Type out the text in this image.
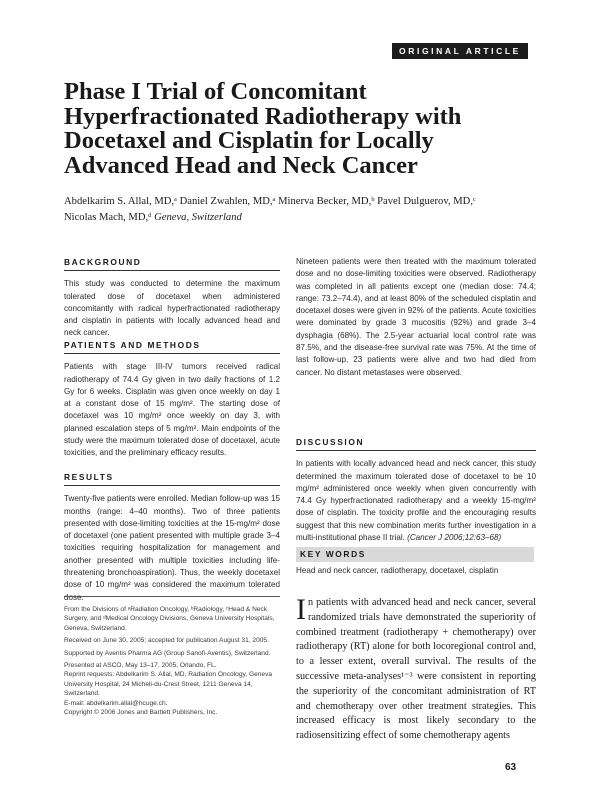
ORIGINAL ARTICLE
Phase I Trial of Concomitant
Hyperfractionated Radiotherapy with
Docetaxel and Cisplatin for Locally
Advanced Head and Neck Cancer
Abdelkarim S. Allal, MD,ᵃ Daniel Zwahlen, MD,ᵃ Minerva Becker, MD,ᵇ Pavel Dulguerov, MD,ᶜ
Nicolas Mach, MD,ᵈ Geneva, Switzerland
BACKGROUND

This study was conducted to determine the maximum tolerated dose of docetaxel when administered concomitantly with radical hyperfractionated radiotherapy and cisplatin in patients with locally advanced head and neck cancer.

PATIENTS AND METHODS

Patients with stage III-IV tumors received radical radiotherapy of 74.4 Gy given in two daily fractions of 1.2 Gy for 6 weeks. Cisplatin was given once weekly on day 1 at a constant dose of 15 mg/m². The starting dose of docetaxel was 10 mg/m² once weekly on day 3, with planned escalation steps of 5 mg/m². Main endpoints of the study were the maximum tolerated dose of docetaxel, acute toxicities, and the preliminary efficacy results.

RESULTS

Twenty-five patients were enrolled. Median follow-up was 15 months (range: 4–40 months). Two of three patients presented with dose-limiting toxicities at the 15-mg/m² dose of docetaxel (one patient presented with multiple grade 3–4 toxicities requiring hospitalization for management and another presented with multiple toxicities including life-threatening bronchoaspiration). Thus, the weekly docetaxel dose of 10 mg/m² was considered the maximum tolerated dose.

Nineteen patients were then treated with the maximum tolerated dose and no dose-limiting toxicities were observed. Radiotherapy was completed in all patients except one (median dose: 74.4; range: 73.2–74.4), and at least 80% of the scheduled cisplatin and docetaxel doses were given in 92% of the patients. Acute toxicities were dominated by grade 3 mucositis (92%) and grade 3–4 dysphagia (68%). The 2.5-year actuarial local control rate was 87.5%, and the disease-free survival rate was 75%. At the time of last follow-up, 23 patients were alive and two had died from cancer. No distant metastases were observed.

DISCUSSION

In patients with locally advanced head and neck cancer, this study determined the maximum tolerated dose of docetaxel to be 10 mg/m² administered once weekly when given concurrently with 74.4 Gy hyperfractionated radiotherapy and a weekly 15-mg/m² dose of cisplatin. The toxicity profile and the encouraging results suggest that this new combination merits further investigation in a multi-institutional phase II trial. (Cancer J 2006;12:63–68)

KEY WORDS
Head and neck cancer, radiotherapy, docetaxel, cisplatin

From the Divisions of ᵃRadiation Oncology, ᵇRadiology, ᶜHead & Neck Surgery, and ᵈMedical Oncology Divisions, Geneva University Hospitals, Geneva, Switzerland.

Received on June 30, 2005; accepted for publication August 31, 2005.

Supported by Aventis Pharma AG (Group Sanofi-Aventis), Switzerland.

Presented at ASCO, May 13–17, 2005, Orlando, FL.

Reprint requests: Abdelkarim S. Allal, MD, Radiation Oncology, Geneva University Hospital, 24 Micheli-du-Crest Street, 1211 Geneva 14, Switzerland.

E-mail: abdelkarim.allal@hcuge.ch.

Copyright © 2006 Jones and Bartlett Publishers, Inc.

In patients with advanced head and neck cancer, several randomized trials have demonstrated the superiority of combined treatment (radiotherapy + chemotherapy) over radiotherapy (RT) alone for both locoregional control and, to a lesser extent, overall survival. The results of the successive meta-analyses¹⁻³ were consistent in reporting the superiority of the concomitant administration of RT and chemotherapy over other treatment strategies. This increased efficacy is most likely secondary to the radiosensitizing effect of some chemotherapy agents

63
